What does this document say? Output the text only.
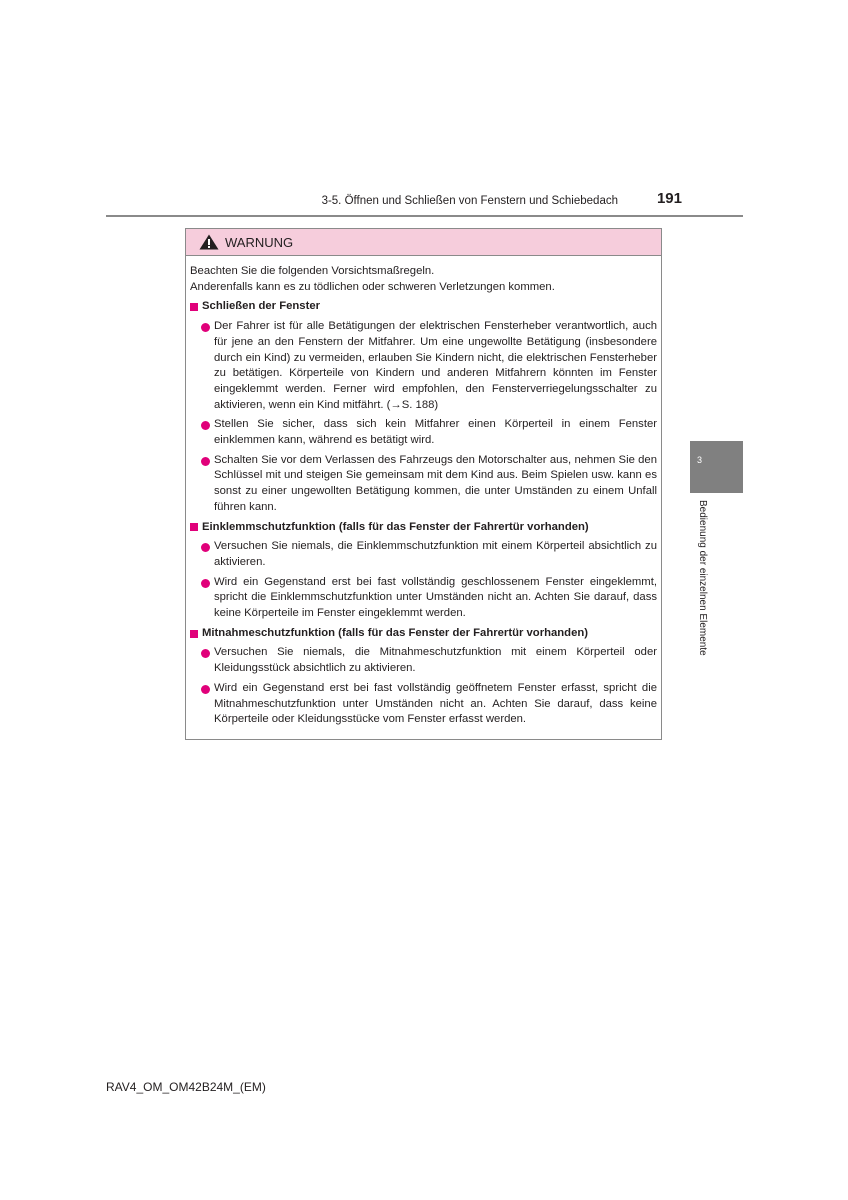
3-5. Öffnen und Schließen von Fenstern und Schiebedach	191
3
Bedienung der einzelnen Elemente
WARNUNG

Beachten Sie die folgenden Vorsichtsmaßregeln.

Anderenfalls kann es zu tödlichen oder schweren Verletzungen kommen.

Schließen der Fenster
Der Fahrer ist für alle Betätigungen der elektrischen Fensterheber verantwortlich, auch für jene an den Fenstern der Mitfahrer. Um eine ungewollte Betätigung (insbesondere durch ein Kind) zu vermeiden, erlauben Sie Kindern nicht, die elektrischen Fensterheber zu betätigen. Körperteile von Kindern und anderen Mitfahrern könnten im Fenster eingeklemmt werden. Ferner wird empfohlen, den Fensterverriegelungsschalter zu aktivieren, wenn ein Kind mitfährt. (→S. 188)
Stellen Sie sicher, dass sich kein Mitfahrer einen Körperteil in einem Fenster einklemmen kann, während es betätigt wird.
Schalten Sie vor dem Verlassen des Fahrzeugs den Motorschalter aus, nehmen Sie den Schlüssel mit und steigen Sie gemeinsam mit dem Kind aus. Beim Spielen usw. kann es sonst zu einer ungewollten Betätigung kommen, die unter Umständen zu einem Unfall führen kann.
Einklemmschutzfunktion (falls für das Fenster der Fahrertür vorhanden)
Versuchen Sie niemals, die Einklemmschutzfunktion mit einem Körperteil absichtlich zu aktivieren.
Wird ein Gegenstand erst bei fast vollständig geschlossenem Fenster eingeklemmt, spricht die Einklemmschutzfunktion unter Umständen nicht an. Achten Sie darauf, dass keine Körperteile im Fenster eingeklemmt werden.
Mitnahmeschutzfunktion (falls für das Fenster der Fahrertür vorhanden)
Versuchen Sie niemals, die Mitnahmeschutzfunktion mit einem Körperteil oder Kleidungsstück absichtlich zu aktivieren.
Wird ein Gegenstand erst bei fast vollständig geöffnetem Fenster erfasst, spricht die Mitnahmeschutzfunktion unter Umständen nicht an. Achten Sie darauf, dass keine Körperteile oder Kleidungsstücke vom Fenster erfasst werden.
RAV4_OM_OM42B24M_(EM)
